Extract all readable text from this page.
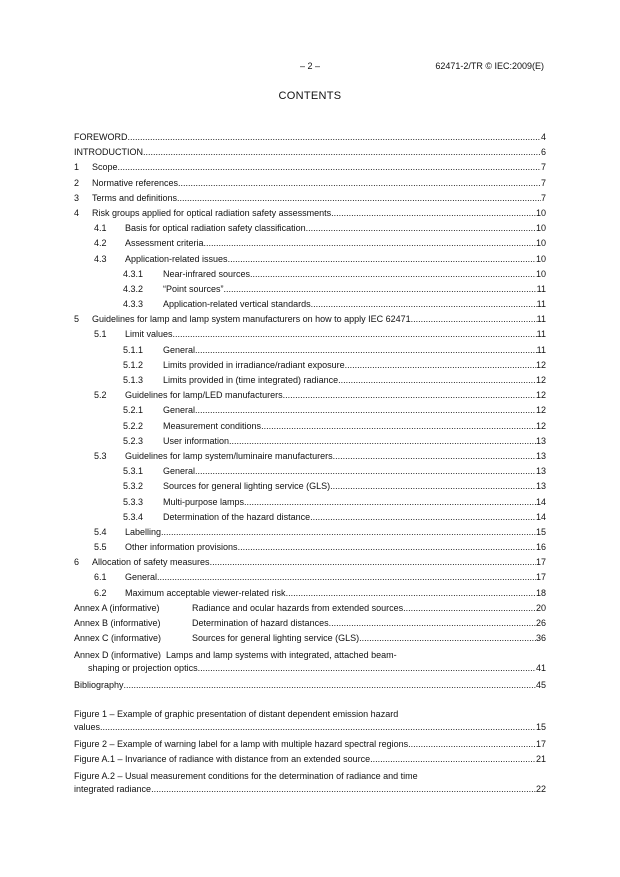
– 2 –	62471-2/TR © IEC:2009(E)
CONTENTS
FOREWORD .....	4
INTRODUCTION .....	6
1	Scope .....	7
2	Normative references .....	7
3	Terms and definitions .....	7
4	Risk groups applied for optical radiation safety assessments .....	10
4.1	Basis for optical radiation safety classification .....	10
4.2	Assessment criteria .....	10
4.3	Application-related issues .....	10
4.3.1	Near-infrared sources .....	10
4.3.2	“Point sources” .....	11
4.3.3	Application-related vertical standards .....	11
5	Guidelines for lamp and lamp system manufacturers on how to apply IEC 62471 .....	11
5.1	Limit values .....	11
5.1.1	General .....	11
5.1.2	Limits provided in irradiance/radiant exposure .....	12
5.1.3	Limits provided in (time integrated) radiance .....	12
5.2	Guidelines for lamp/LED manufacturers .....	12
5.2.1	General .....	12
5.2.2	Measurement conditions .....	12
5.2.3	User information .....	13
5.3	Guidelines for lamp system/luminaire manufacturers .....	13
5.3.1	General .....	13
5.3.2	Sources for general lighting service (GLS) .....	13
5.3.3	Multi-purpose lamps .....	14
5.3.4	Determination of the hazard distance .....	14
5.4	Labelling .....	15
5.5	Other information provisions .....	16
6	Allocation of safety measures .....	17
6.1	General .....	17
6.2	Maximum acceptable viewer-related risk .....	18
Annex A (informative)	Radiance and ocular hazards from extended sources .....	20
Annex B (informative)	Determination of hazard distances .....	26
Annex C (informative)	Sources for general lighting service (GLS) .....	36
Annex D (informative) Lamps and lamp systems with integrated, attached beam-
shaping or projection optics .....	41
Bibliography .....	45
Figure 1 – Example of graphic presentation of distant dependent emission hazard
values .....	15
Figure 2 – Example of warning label for a lamp with multiple hazard spectral regions .....	17
Figure A.1 – Invariance of radiance with distance from an extended source .....	21
Figure A.2 – Usual measurement conditions for the determination of radiance and time
integrated radiance .....	22
